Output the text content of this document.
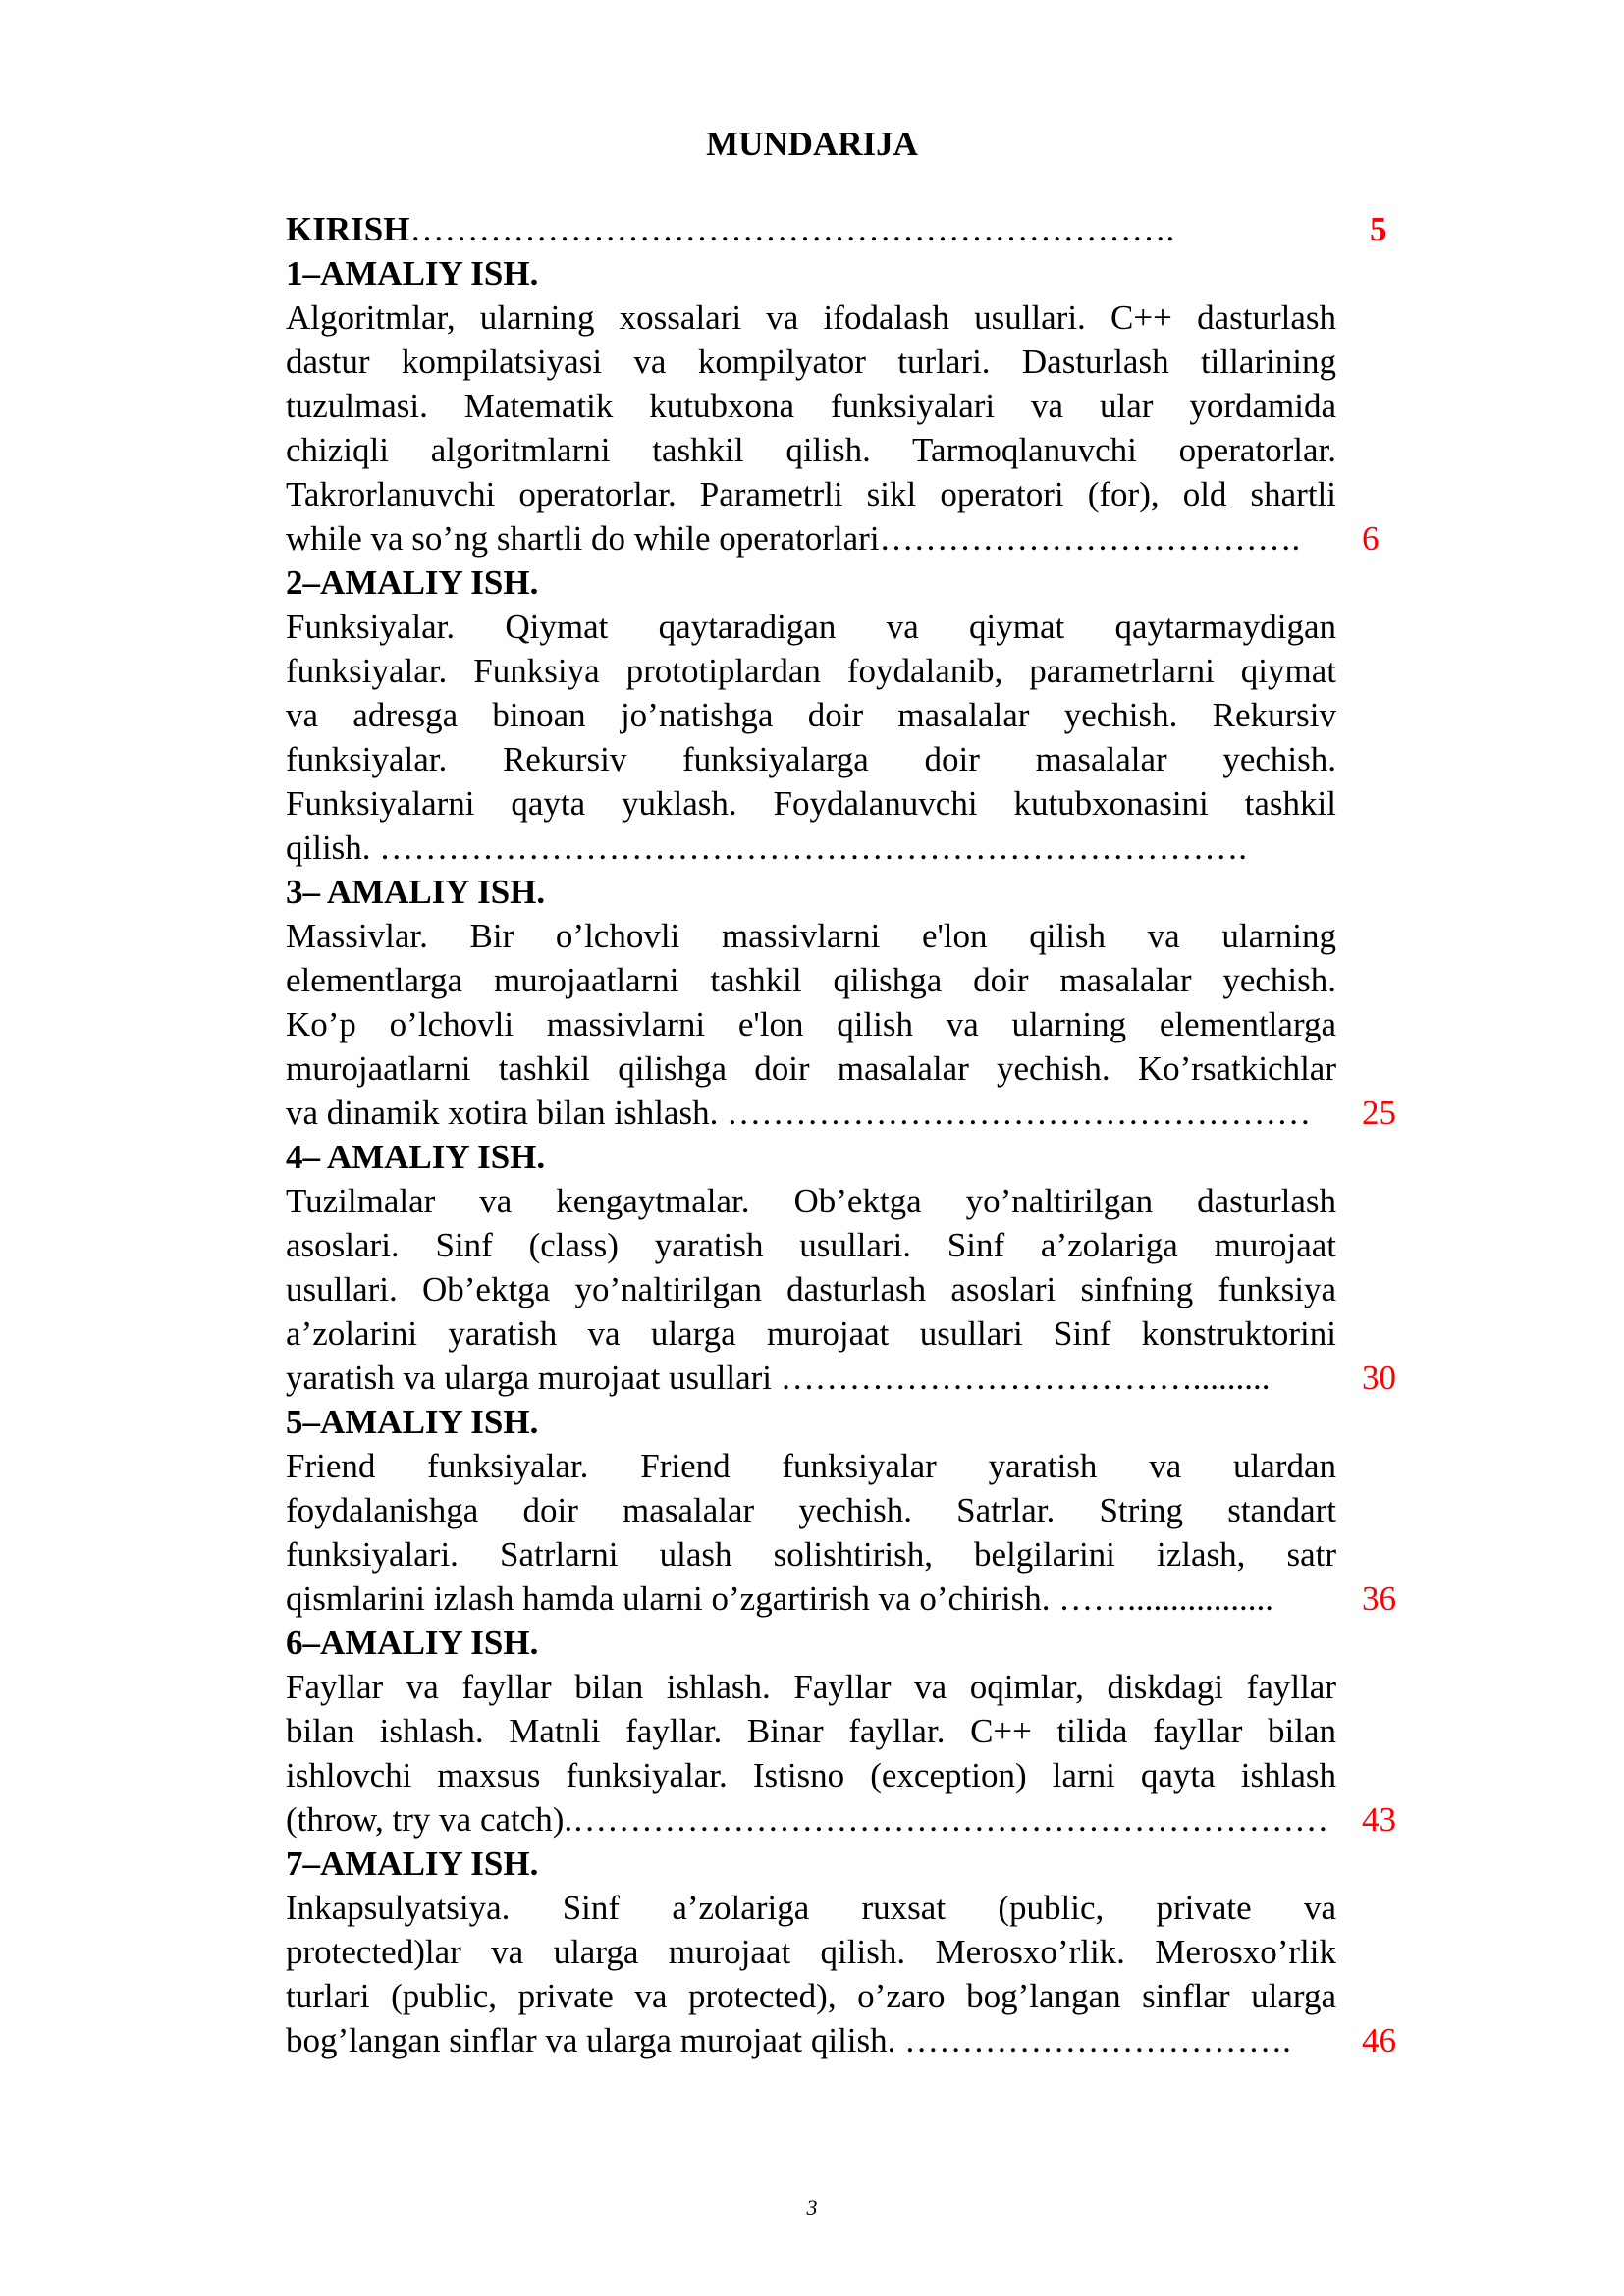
MUNDARIJA
KIRISH………………………………………………………….	5
1–AMALIY ISH.
Algoritmlar, ularning xossalari va ifodalash usullari. C++ dasturlash
dastur kompilatsiyasi va kompilyator turlari. Dasturlash tillarining
tuzulmasi. Matematik kutubxona funksiyalari va ular yordamida
chiziqli algoritmlarni tashkil qilish. Tarmoqlanuvchi operatorlar.
Takrorlanuvchi operatorlar. Parametrli sikl operatori (for), old shartli
while va so’ng shartli do while operatorlari……………………………….	6
2–AMALIY ISH.
Funksiyalar. Qiymat qaytaradigan va qiymat qaytarmaydigan
funksiyalar. Funksiya prototiplardan foydalanib, parametrlarni qiymat
va adresga binoan jo’natishga doir masalalar yechish. Rekursiv
funksiyalar. Rekursiv funksiyalarga doir masalalar yechish.
Funksiyalarni qayta yuklash. Foydalanuvchi kutubxonasini tashkil
qilish. ………………………………………………………………….
3– AMALIY ISH.
Massivlar. Bir o’lchovli massivlarni e'lon qilish va ularning
elementlarga murojaatlarni tashkil qilishga doir masalalar yechish.
Ko’p o’lchovli massivlarni e'lon qilish va ularning elementlarga
murojaatlarni tashkil qilishga doir masalalar yechish. Ko’rsatkichlar
va dinamik xotira bilan ishlash. ……………………………………………	25
4– AMALIY ISH.
Tuzilmalar va kengaytmalar. Ob’ektga yo’naltirilgan dasturlash
asoslari. Sinf (class) yaratish usullari. Sinf a’zolariga murojaat
usullari. Ob’ektga yo’naltirilgan dasturlash asoslari sinfning funksiya
a’zolarini yaratish va ularga murojaat usullari Sinf konstruktorini
yaratish va ularga murojaat usullari ……………………………….........	30
5–AMALIY ISH.
Friend funksiyalar. Friend funksiyalar yaratish va ulardan
foydalanishga doir masalalar yechish. Satrlar. String standart
funksiyalari. Satrlarni ulash solishtirish, belgilarini izlash, satr
qismlarini izlash hamda ularni o’zgartirish va o’chirish. …….................	36
6–AMALIY ISH.
Fayllar va fayllar bilan ishlash. Fayllar va oqimlar, diskdagi fayllar
bilan ishlash. Matnli fayllar. Binar fayllar. C++ tilida fayllar bilan
ishlovchi maxsus funksiyalar. Istisno (exception) larni qayta ishlash
(throw, try va catch).………………………………………………………… 43
7–AMALIY ISH.
Inkapsulyatsiya. Sinf a’zolariga ruxsat (public, private va
protected)lar va ularga murojaat qilish. Merosxo’rlik. Merosxo’rlik
turlari (public, private va protected), o’zaro bog’langan sinflar ularga
bog’langan sinflar va ularga murojaat qilish. …………………………….	46
3
